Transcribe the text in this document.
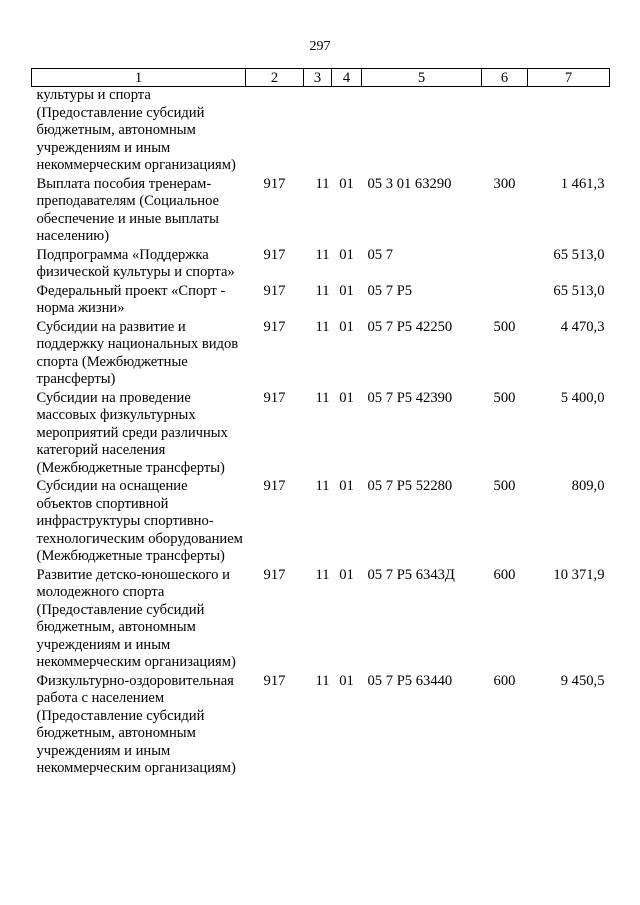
297
1	2	3	4	5	6	7
культуры и спорта (Предоставление субсидий бюджетным, автономным учреждениям и иным некоммерческим организациям)						
Выплата пособия тренерам-преподавателям (Социальное обеспечение и иные выплаты населению)	917	11	01	05 3 01 63290	300	1 461,3
Подпрограмма «Поддержка физической культуры и спорта»	917	11	01	05 7		65 513,0
Федеральный проект «Спорт - норма жизни»	917	11	01	05 7 P5		65 513,0
Субсидии на развитие и поддержку национальных видов спорта (Межбюджетные трансферты)	917	11	01	05 7 P5 42250	500	4 470,3
Субсидии на проведение массовых физкультурных мероприятий среди различных категорий населения (Межбюджетные трансферты)	917	11	01	05 7 P5 42390	500	5 400,0
Субсидии на оснащение объектов спортивной инфраструктуры спортивно-технологическим оборудованием (Межбюджетные трансферты)	917	11	01	05 7 P5 52280	500	809,0
Развитие детско-юношеского и молодежного спорта (Предоставление субсидий бюджетным, автономным учреждениям и иным некоммерческим организациям)	917	11	01	05 7 P5 6343Д	600	10 371,9
Физкультурно-оздоровительная работа с населением (Предоставление субсидий бюджетным, автономным учреждениям и иным некоммерческим организациям)	917	11	01	05 7 P5 63440	600	9 450,5
